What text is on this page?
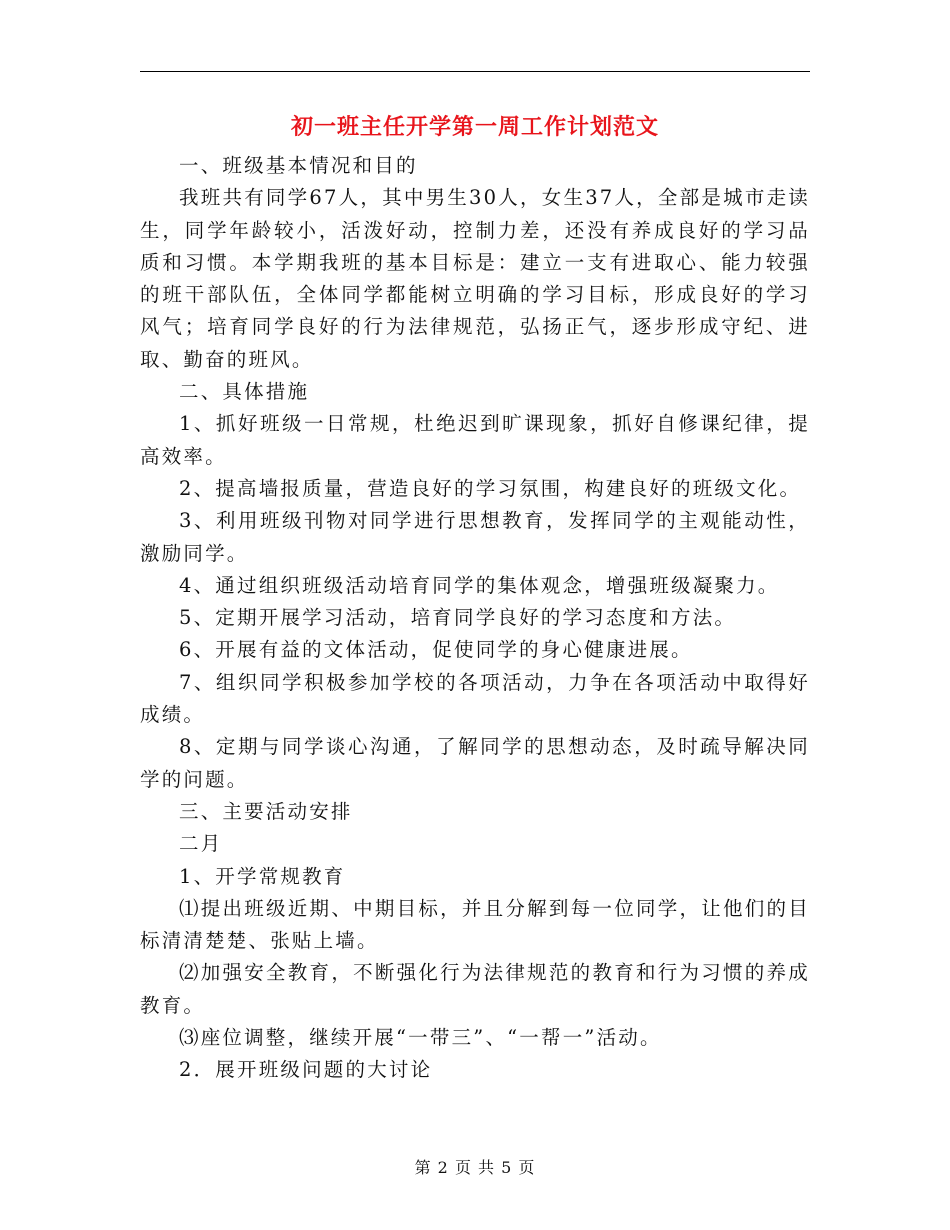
初一班主任开学第一周工作计划范文

一、班级基本情况和目的

我班共有同学67人，其中男生30人，女生37人，全部是城市走读生，同学年龄较小，活泼好动，控制力差，还没有养成良好的学习品质和习惯。本学期我班的基本目标是：建立一支有进取心、能力较强的班干部队伍，全体同学都能树立明确的学习目标，形成良好的学习风气；培育同学良好的行为法律规范，弘扬正气，逐步形成守纪、进取、勤奋的班风。

二、具体措施

1、抓好班级一日常规，杜绝迟到旷课现象，抓好自修课纪律，提高效率。

2、提高墙报质量，营造良好的学习氛围，构建良好的班级文化。

3、利用班级刊物对同学进行思想教育，发挥同学的主观能动性，激励同学。

4、通过组织班级活动培育同学的集体观念，增强班级凝聚力。

5、定期开展学习活动，培育同学良好的学习态度和方法。

6、开展有益的文体活动，促使同学的身心健康进展。

7、组织同学积极参加学校的各项活动，力争在各项活动中取得好成绩。

8、定期与同学谈心沟通，了解同学的思想动态，及时疏导解决同学的问题。

三、主要活动安排

二月

1、开学常规教育

⑴提出班级近期、中期目标，并且分解到每一位同学，让他们的目标清清楚楚、张贴上墙。

⑵加强安全教育，不断强化行为法律规范的教育和行为习惯的养成教育。

⑶座位调整，继续开展“一带三”、“一帮一”活动。

2．展开班级问题的大讨论

第 2 页 共 5 页
